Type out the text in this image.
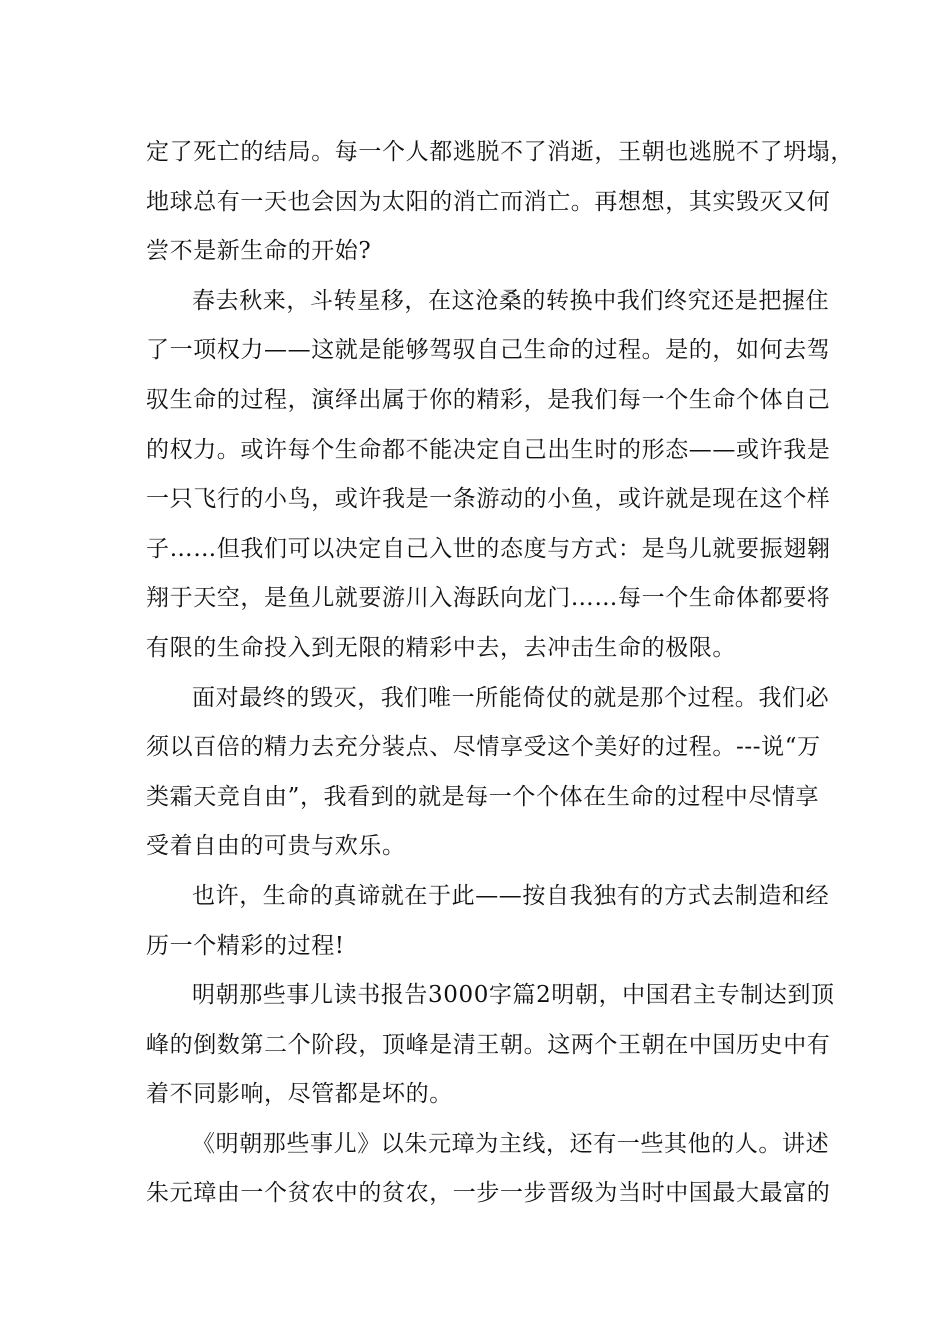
定了死亡的结局。每一个人都逃脱不了消逝，王朝也逃脱不了坍塌，
地球总有一天也会因为太阳的消亡而消亡。再想想，其实毁灭又何
尝不是新生命的开始?
春去秋来，斗转星移，在这沧桑的转换中我们终究还是把握住
了一项权力——这就是能够驾驭自己生命的过程。是的，如何去驾
驭生命的过程，演绎出属于你的精彩，是我们每一个生命个体自己
的权力。或许每个生命都不能决定自己出生时的形态——或许我是
一只飞行的小鸟，或许我是一条游动的小鱼，或许就是现在这个样
子……但我们可以决定自己入世的态度与方式：是鸟儿就要振翅翱
翔于天空，是鱼儿就要游川入海跃向龙门……每一个生命体都要将
有限的生命投入到无限的精彩中去，去冲击生命的极限。
面对最终的毁灭，我们唯一所能倚仗的就是那个过程。我们必
须以百倍的精力去充分装点、尽情享受这个美好的过程。---说“万
类霜天竞自由”，我看到的就是每一个个体在生命的过程中尽情享
受着自由的可贵与欢乐。
也许，生命的真谛就在于此——按自我独有的方式去制造和经
历一个精彩的过程!
明朝那些事儿读书报告3000字篇2明朝，中国君主专制达到顶
峰的倒数第二个阶段，顶峰是清王朝。这两个王朝在中国历史中有
着不同影响，尽管都是坏的。
《明朝那些事儿》以朱元璋为主线，还有一些其他的人。讲述
朱元璋由一个贫农中的贫农，一步一步晋级为当时中国最大最富的
